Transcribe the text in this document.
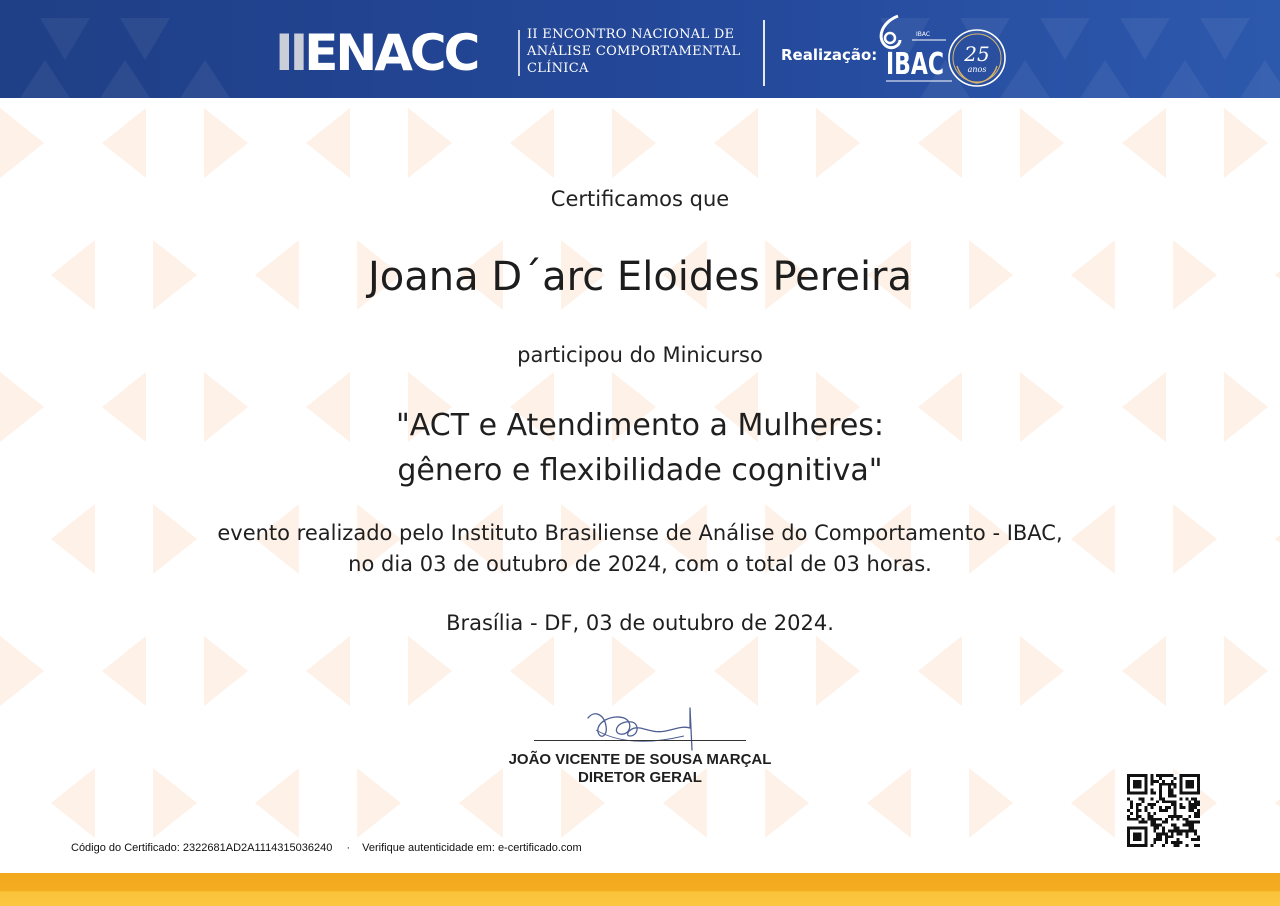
II ENACC	II ENCONTRO NACIONAL DE
ANÁLISE COMPORTAMENTAL
CLÍNICA
Realização:
IBAC
IBAC 25
anos
Certificamos que
Joana D´arc Eloides Pereira
participou do Minicurso
"ACT e Atendimento a Mulheres:
gênero e flexibilidade cognitiva"
evento realizado pelo Instituto Brasiliense de Análise do Comportamento - IBAC,
no dia 03 de outubro de 2024, com o total de 03 horas.
Brasília - DF, 03 de outubro de 2024.
JOÃO VICENTE DE SOUSA MARÇAL
DIRETOR GERAL
Código do Certificado: 2322681AD2A1114315036240 · Verifique autenticidade em: e-certificado.com
